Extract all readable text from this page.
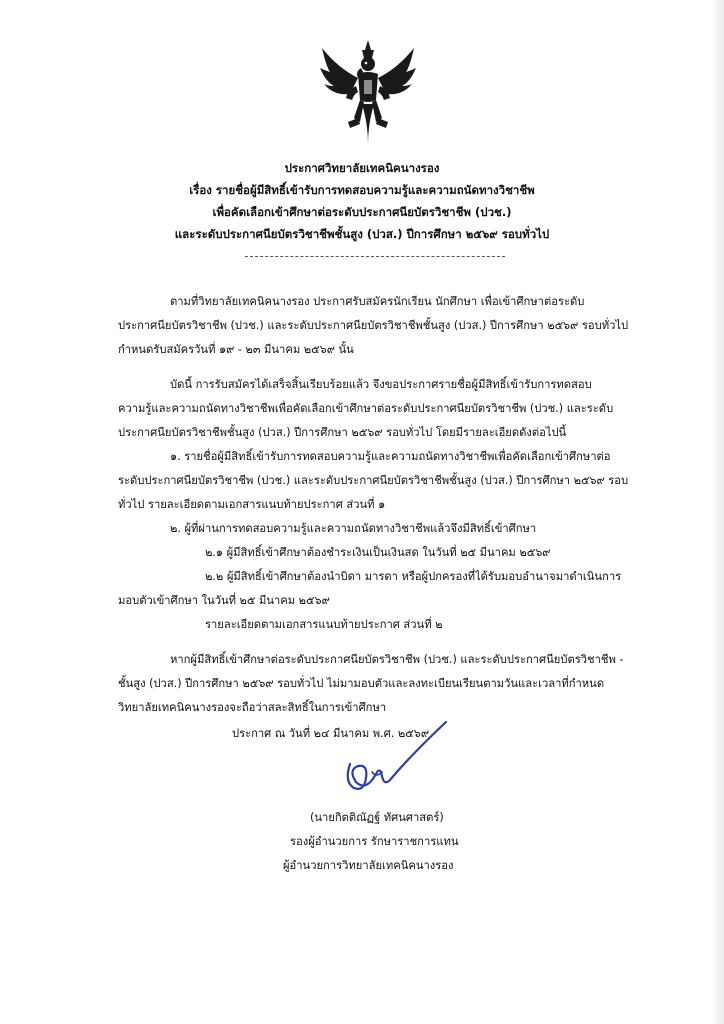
ประกาศวิทยาลัยเทคนิคนางรอง
เรื่อง รายชื่อผู้มีสิทธิ์เข้ารับการทดสอบความรู้และความถนัดทางวิชาชีพ
เพื่อคัดเลือกเข้าศึกษาต่อระดับประกาศนียบัตรวิชาชีพ (ปวช.)
และระดับประกาศนียบัตรวิชาชีพชั้นสูง (ปวส.) ปีการศึกษา ๒๕๖๙ รอบทั่วไป
ตามที่วิทยาลัยเทคนิคนางรอง ประกาศรับสมัครนักเรียน นักศึกษา เพื่อเข้าศึกษาต่อระดับ
ประกาศนียบัตรวิชาชีพ (ปวช.) และระดับประกาศนียบัตรวิชาชีพชั้นสูง (ปวส.) ปีการศึกษา ๒๕๖๙ รอบทั่วไป
กำหนดรับสมัครวันที่ ๑๙ - ๒๓ มีนาคม ๒๕๖๙ นั้น
บัดนี้ การรับสมัครได้เสร็จสิ้นเรียบร้อยแล้ว จึงขอประกาศรายชื่อผู้มีสิทธิ์เข้ารับการทดสอบ
ความรู้และความถนัดทางวิชาชีพเพื่อคัดเลือกเข้าศึกษาต่อระดับประกาศนียบัตรวิชาชีพ (ปวช.) และระดับ
ประกาศนียบัตรวิชาชีพชั้นสูง (ปวส.) ปีการศึกษา ๒๕๖๙ รอบทั่วไป โดยมีรายละเอียดดังต่อไปนี้
๑. รายชื่อผู้มีสิทธิ์เข้ารับการทดสอบความรู้และความถนัดทางวิชาชีพเพื่อคัดเลือกเข้าศึกษาต่อ
ระดับประกาศนียบัตรวิชาชีพ (ปวช.) และระดับประกาศนียบัตรวิชาชีพชั้นสูง (ปวส.) ปีการศึกษา ๒๕๖๙ รอบ
ทั่วไป รายละเอียดตามเอกสารแนบท้ายประกาศ ส่วนที่ ๑
๒. ผู้ที่ผ่านการทดสอบความรู้และความถนัดทางวิชาชีพแล้วจึงมีสิทธิ์เข้าศึกษา
๒.๑ ผู้มีสิทธิ์เข้าศึกษาต้องชำระเงินเป็นเงินสด ในวันที่ ๒๕ มีนาคม ๒๕๖๙
๒.๒ ผู้มีสิทธิ์เข้าศึกษาต้องนำบิดา มารดา หรือผู้ปกครองที่ได้รับมอบอำนาจมาดำเนินการ
มอบตัวเข้าศึกษา ในวันที่ ๒๕ มีนาคม ๒๕๖๙
รายละเอียดตามเอกสารแนบท้ายประกาศ ส่วนที่ ๒
หากผู้มีสิทธิ์เข้าศึกษาต่อระดับประกาศนียบัตรวิชาชีพ (ปวช.) และระดับประกาศนียบัตรวิชาชีพ -
ชั้นสูง (ปวส.) ปีการศึกษา ๒๕๖๙ รอบทั่วไป ไม่มามอบตัวและลงทะเบียนเรียนตามวันและเวลาที่กำหนด
วิทยาลัยเทคนิคนางรองจะถือว่าสละสิทธิ์ในการเข้าศึกษา
ประกาศ ณ วันที่ ๒๔ มีนาคม พ.ศ. ๒๕๖๙
(นายกิตติณัฏฐ์ ทัศนศาสตร์)
รองผู้อำนวยการ รักษาราชการแทน
ผู้อำนวยการวิทยาลัยเทคนิคนางรอง
